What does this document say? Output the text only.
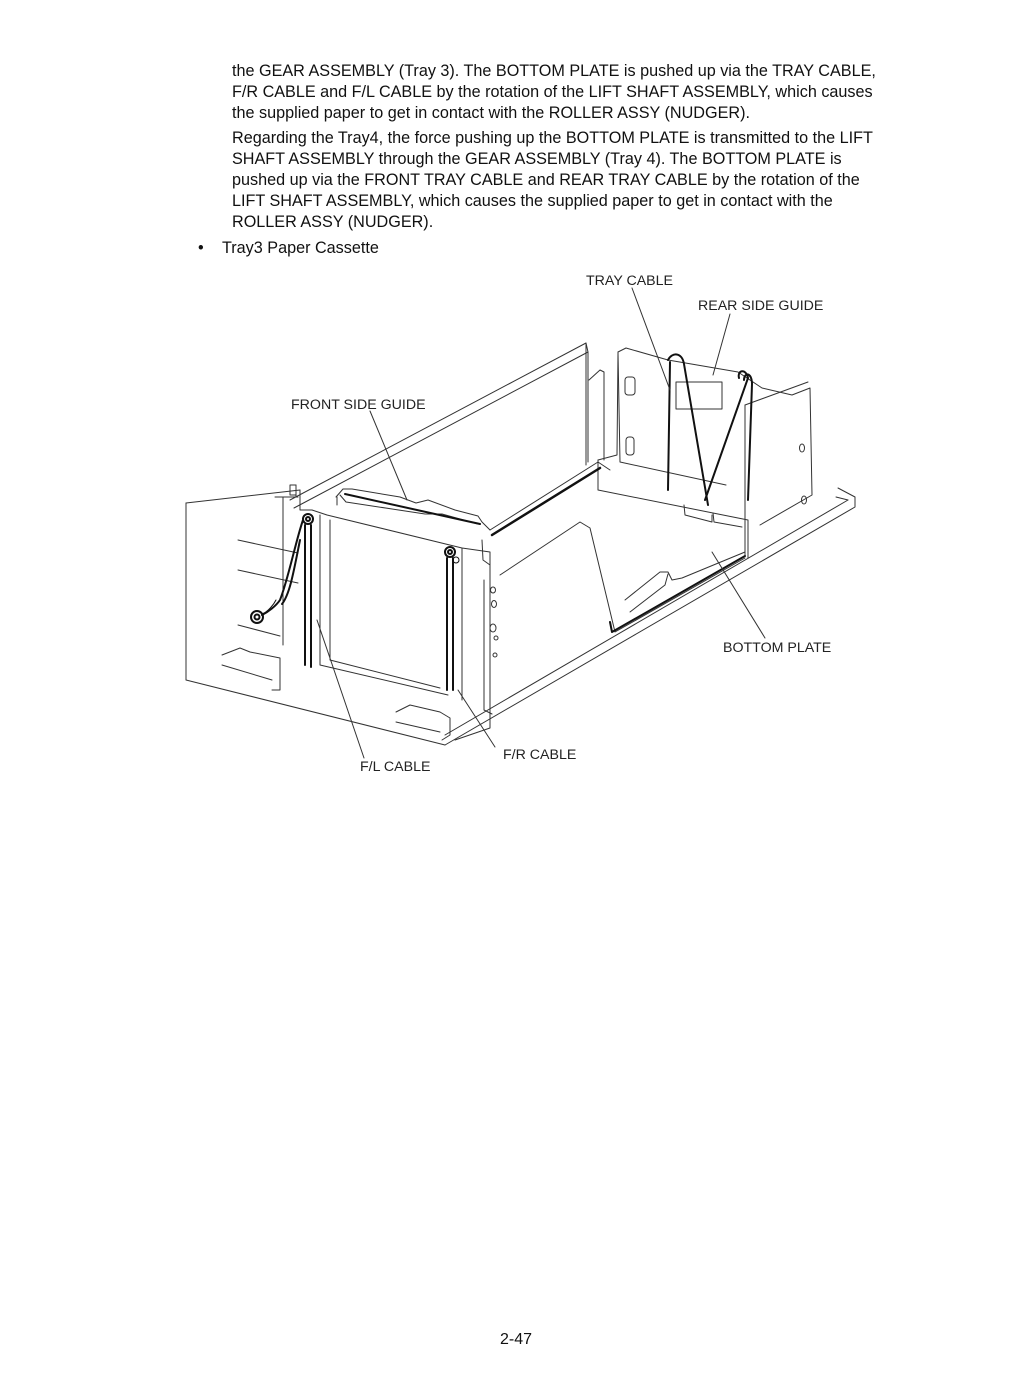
the GEAR ASSEMBLY (Tray 3). The BOTTOM PLATE is pushed up via the TRAY CABLE,
F/R CABLE and F/L CABLE by the rotation of the LIFT SHAFT ASSEMBLY, which causes
the supplied paper to get in contact with the ROLLER ASSY (NUDGER).

Regarding the Tray4, the force pushing up the BOTTOM PLATE is transmitted to the LIFT
SHAFT ASSEMBLY through the GEAR ASSEMBLY (Tray 4). The BOTTOM PLATE is
pushed up via the FRONT TRAY CABLE and REAR TRAY CABLE by the rotation of the
LIFT SHAFT ASSEMBLY, which causes the supplied paper to get in contact with the
ROLLER ASSY (NUDGER).

• Tray3 Paper Cassette
TRAY CABLE
REAR SIDE GUIDE
FRONT SIDE GUIDE
BOTTOM PLATE
F/R CABLE
F/L CABLE
2-47
